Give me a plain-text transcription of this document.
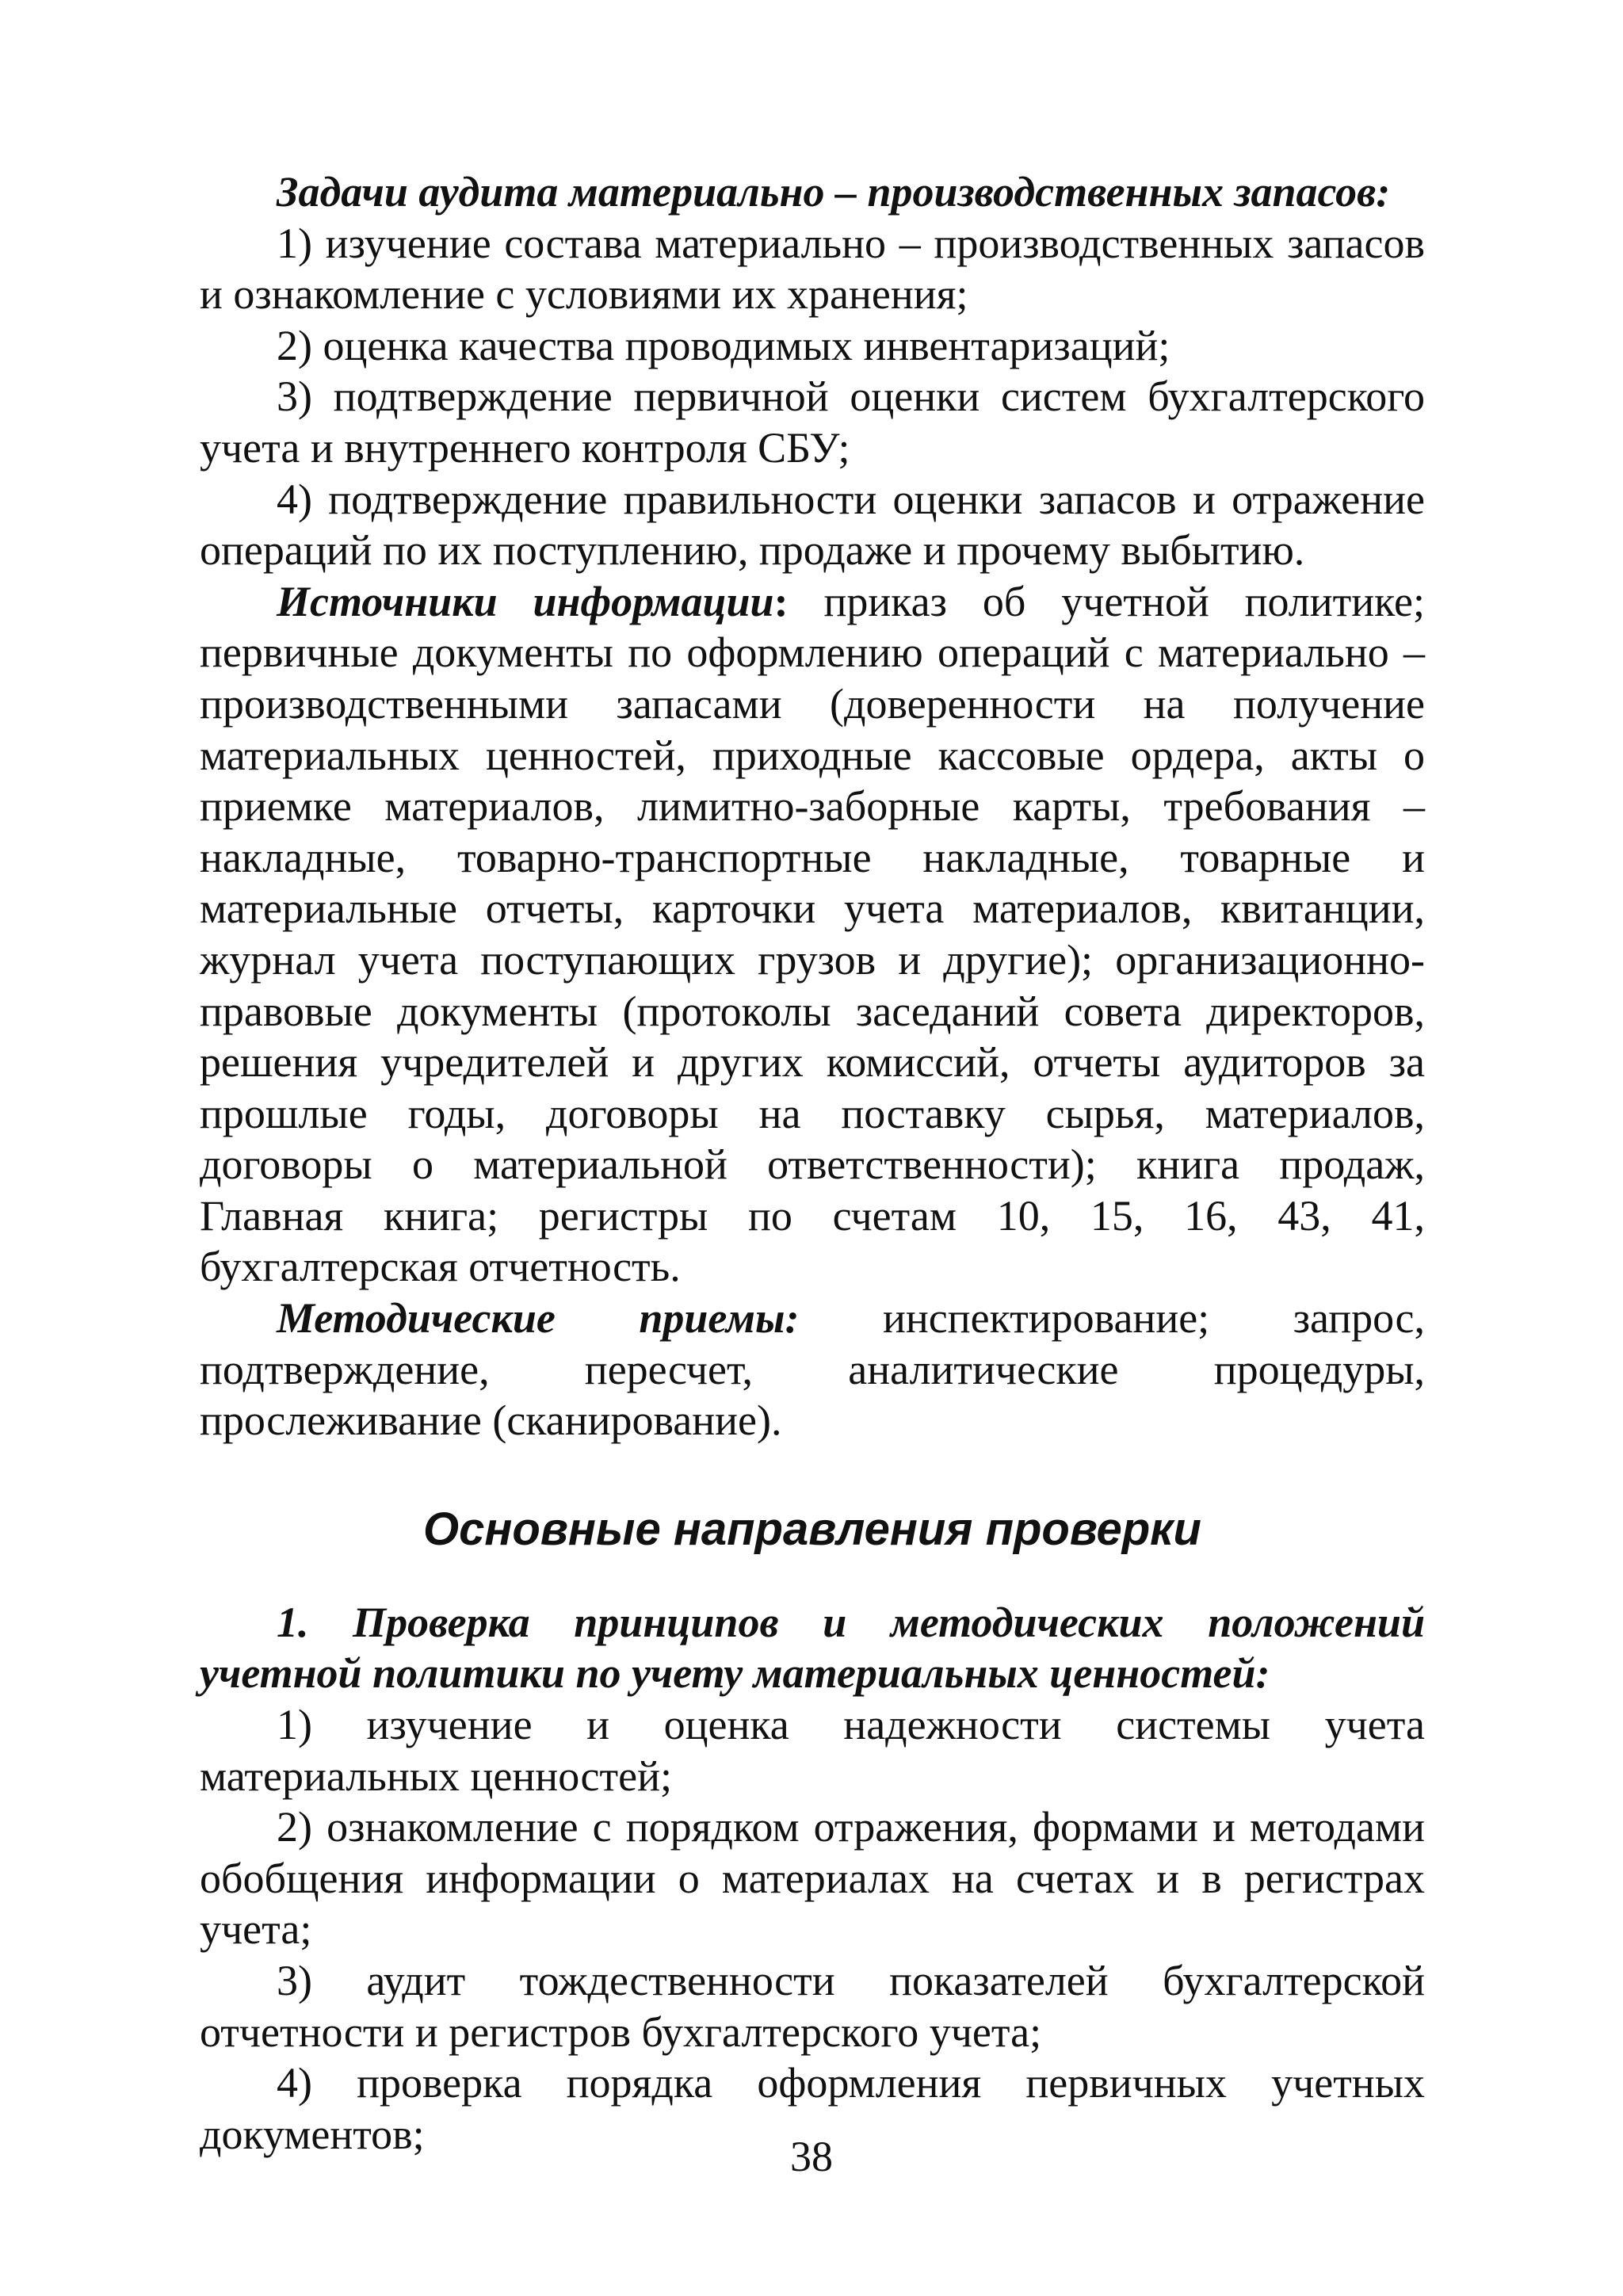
Задачи аудита материально – производственных запасов:

1) изучение состава материально – производственных запасов и ознакомление с условиями их хранения;

2) оценка качества проводимых инвентаризаций;

3) подтверждение первичной оценки систем бухгалтерского учета и внутреннего контроля СБУ;

4) подтверждение правильности оценки запасов и отражение операций по их поступлению, продаже и прочему выбытию.

Источники информации: приказ об учетной политике; первичные документы по оформлению операций с материально – производственными запасами (доверенности на получение материальных ценностей, приходные кассовые ордера, акты о приемке материалов, лимитно-заборные карты, требования – накладные, товарно-транспортные накладные, товарные и материальные отчеты, карточки учета материалов, квитанции, журнал учета поступающих грузов и другие); организационно-правовые документы (протоколы заседаний совета директоров, решения учредителей и других комиссий, отчеты аудиторов за прошлые годы, договоры на поставку сырья, материалов, договоры о материальной ответственности); книга продаж, Главная книга; регистры по счетам 10, 15, 16, 43, 41, бухгалтерская отчетность.

Методические приемы: инспектирование; запрос, подтверждение, пересчет, аналитические процедуры, прослеживание (сканирование).

Основные направления проверки

1. Проверка принципов и методических положений учетной политики по учету материальных ценностей:

1) изучение и оценка надежности системы учета материальных ценностей;

2) ознакомление с порядком отражения, формами и методами обобщения информации о материалах на счетах и в регистрах учета;

3) аудит тождественности показателей бухгалтерской отчетности и регистров бухгалтерского учета;

4) проверка порядка оформления первичных учетных документов;	38
